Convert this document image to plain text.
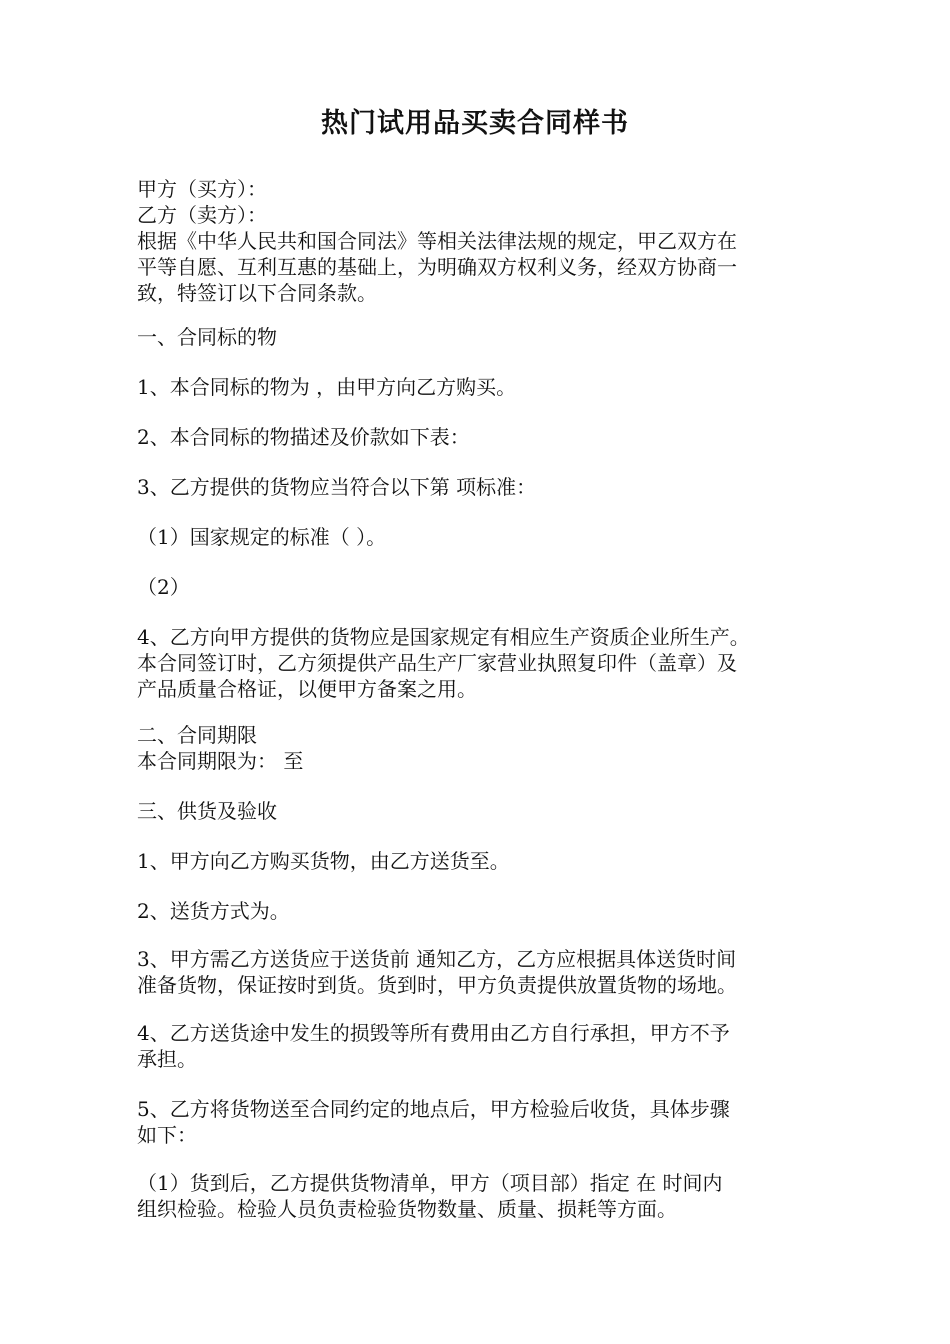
热门试用品买卖合同样书
甲方（买方）：
乙方（卖方）：
根据《中华人民共和国合同法》等相关法律法规的规定，甲乙双方在
平等自愿、互利互惠的基础上，为明确双方权利义务，经双方协商一
致，特签订以下合同条款。
一、合同标的物
1、本合同标的物为 ，由甲方向乙方购买。
2、本合同标的物描述及价款如下表：
3、乙方提供的货物应当符合以下第 项标准：
（1）国家规定的标准（ ）。
（2）
4、乙方向甲方提供的货物应是国家规定有相应生产资质企业所生产。
本合同签订时，乙方须提供产品生产厂家营业执照复印件（盖章）及
产品质量合格证，以便甲方备案之用。
二、合同期限
本合同期限为： 至
三、供货及验收
1、甲方向乙方购买货物，由乙方送货至。
2、送货方式为。
3、甲方需乙方送货应于送货前 通知乙方，乙方应根据具体送货时间
准备货物，保证按时到货。货到时，甲方负责提供放置货物的场地。
4、乙方送货途中发生的损毁等所有费用由乙方自行承担，甲方不予
承担。
5、乙方将货物送至合同约定的地点后，甲方检验后收货，具体步骤
如下：
（1）货到后，乙方提供货物清单，甲方（项目部）指定 在 时间内
组织检验。检验人员负责检验货物数量、质量、损耗等方面。
